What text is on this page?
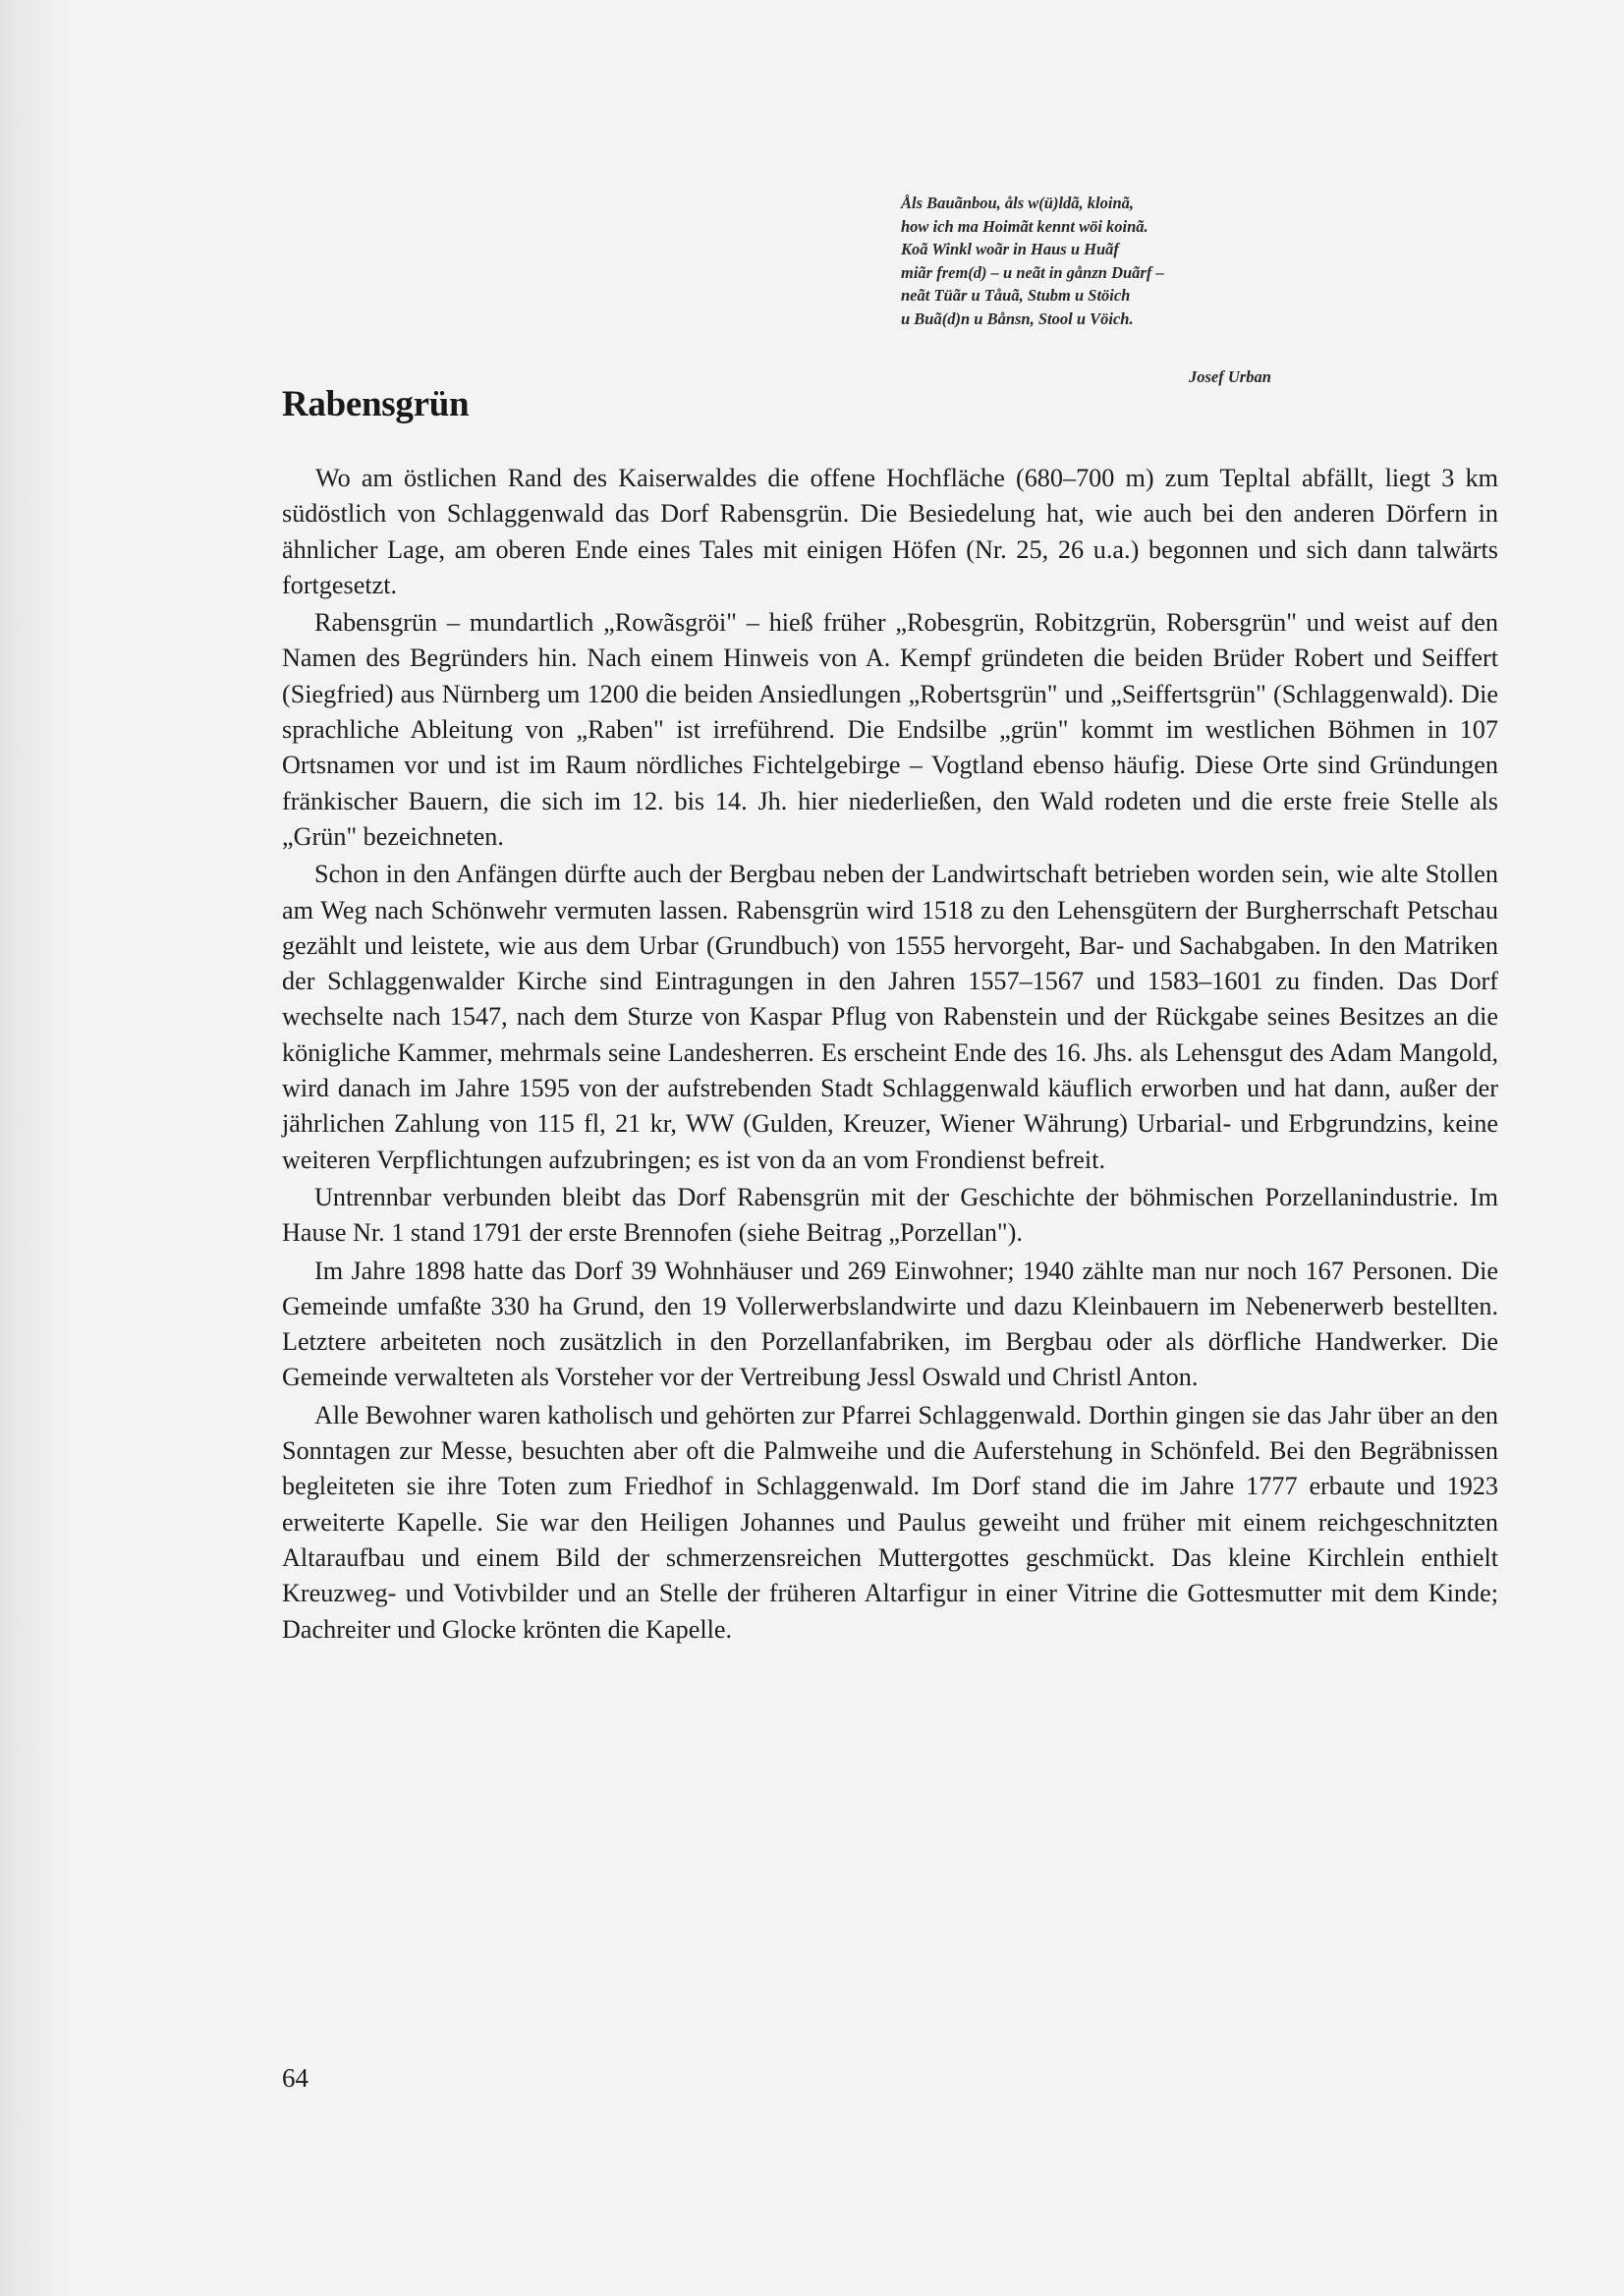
Åls Bauãnbou, åls w(ü)ldã, kloinã,
how ich ma Hoimãt kennt wöi koinã.
Koã Winkl woãr in Haus u Huãf
miãr frem(d) – u neãt in gånzn Duãrf –
neãt Tüãr u Tåuã, Stubm u Stöich
u Buã(d)n u Bånsn, Stool u Vöich.
Josef Urban
Rabensgrün

Wo am östlichen Rand des Kaiserwaldes die offene Hochfläche (680–700 m) zum Tepltal abfällt, liegt 3 km südöstlich von Schlaggenwald das Dorf Rabensgrün. Die Besiedelung hat, wie auch bei den anderen Dörfern in ähnlicher Lage, am oberen Ende eines Tales mit einigen Höfen (Nr. 25, 26 u.a.) begonnen und sich dann talwärts fortgesetzt.

Rabensgrün – mundartlich „Rowãsgröi" – hieß früher „Robesgrün, Robitzgrün, Robersgrün" und weist auf den Namen des Begründers hin. Nach einem Hinweis von A. Kempf gründeten die beiden Brüder Robert und Seiffert (Siegfried) aus Nürnberg um 1200 die beiden Ansiedlungen „Robertsgrün" und „Seiffertsgrün" (Schlaggenwald). Die sprachliche Ableitung von „Raben" ist irreführend. Die Endsilbe „grün" kommt im westlichen Böhmen in 107 Ortsnamen vor und ist im Raum nördliches Fichtelgebirge – Vogtland ebenso häufig. Diese Orte sind Gründungen fränkischer Bauern, die sich im 12. bis 14. Jh. hier niederließen, den Wald rodeten und die erste freie Stelle als „Grün" bezeichneten.

Schon in den Anfängen dürfte auch der Bergbau neben der Landwirtschaft betrieben worden sein, wie alte Stollen am Weg nach Schönwehr vermuten lassen. Rabensgrün wird 1518 zu den Lehensgütern der Burgherrschaft Petschau gezählt und leistete, wie aus dem Urbar (Grundbuch) von 1555 hervorgeht, Bar- und Sachabgaben. In den Matriken der Schlaggenwalder Kirche sind Eintragungen in den Jahren 1557–1567 und 1583–1601 zu finden. Das Dorf wechselte nach 1547, nach dem Sturze von Kaspar Pflug von Rabenstein und der Rückgabe seines Besitzes an die königliche Kammer, mehrmals seine Landesherren. Es erscheint Ende des 16. Jhs. als Lehensgut des Adam Mangold, wird danach im Jahre 1595 von der aufstrebenden Stadt Schlaggenwald käuflich erworben und hat dann, außer der jährlichen Zahlung von 115 fl, 21 kr, WW (Gulden, Kreuzer, Wiener Währung) Urbarial- und Erbgrundzins, keine weiteren Verpflichtungen aufzubringen; es ist von da an vom Frondienst befreit.

Untrennbar verbunden bleibt das Dorf Rabensgrün mit der Geschichte der böhmischen Porzellanindustrie. Im Hause Nr. 1 stand 1791 der erste Brennofen (siehe Beitrag „Porzellan").

Im Jahre 1898 hatte das Dorf 39 Wohnhäuser und 269 Einwohner; 1940 zählte man nur noch 167 Personen. Die Gemeinde umfaßte 330 ha Grund, den 19 Vollerwerbslandwirte und dazu Kleinbauern im Nebenerwerb bestellten. Letztere arbeiteten noch zusätzlich in den Porzellanfabriken, im Bergbau oder als dörfliche Handwerker. Die Gemeinde verwalteten als Vorsteher vor der Vertreibung Jessl Oswald und Christl Anton.

Alle Bewohner waren katholisch und gehörten zur Pfarrei Schlaggenwald. Dorthin gingen sie das Jahr über an den Sonntagen zur Messe, besuchten aber oft die Palmweihe und die Auferstehung in Schönfeld. Bei den Begräbnissen begleiteten sie ihre Toten zum Friedhof in Schlaggenwald. Im Dorf stand die im Jahre 1777 erbaute und 1923 erweiterte Kapelle. Sie war den Heiligen Johannes und Paulus geweiht und früher mit einem reichgeschnitzten Altaraufbau und einem Bild der schmerzensreichen Muttergottes geschmückt. Das kleine Kirchlein enthielt Kreuzweg- und Votivbilder und an Stelle der früheren Altarfigur in einer Vitrine die Gottesmutter mit dem Kinde; Dachreiter und Glocke krönten die Kapelle.

64
